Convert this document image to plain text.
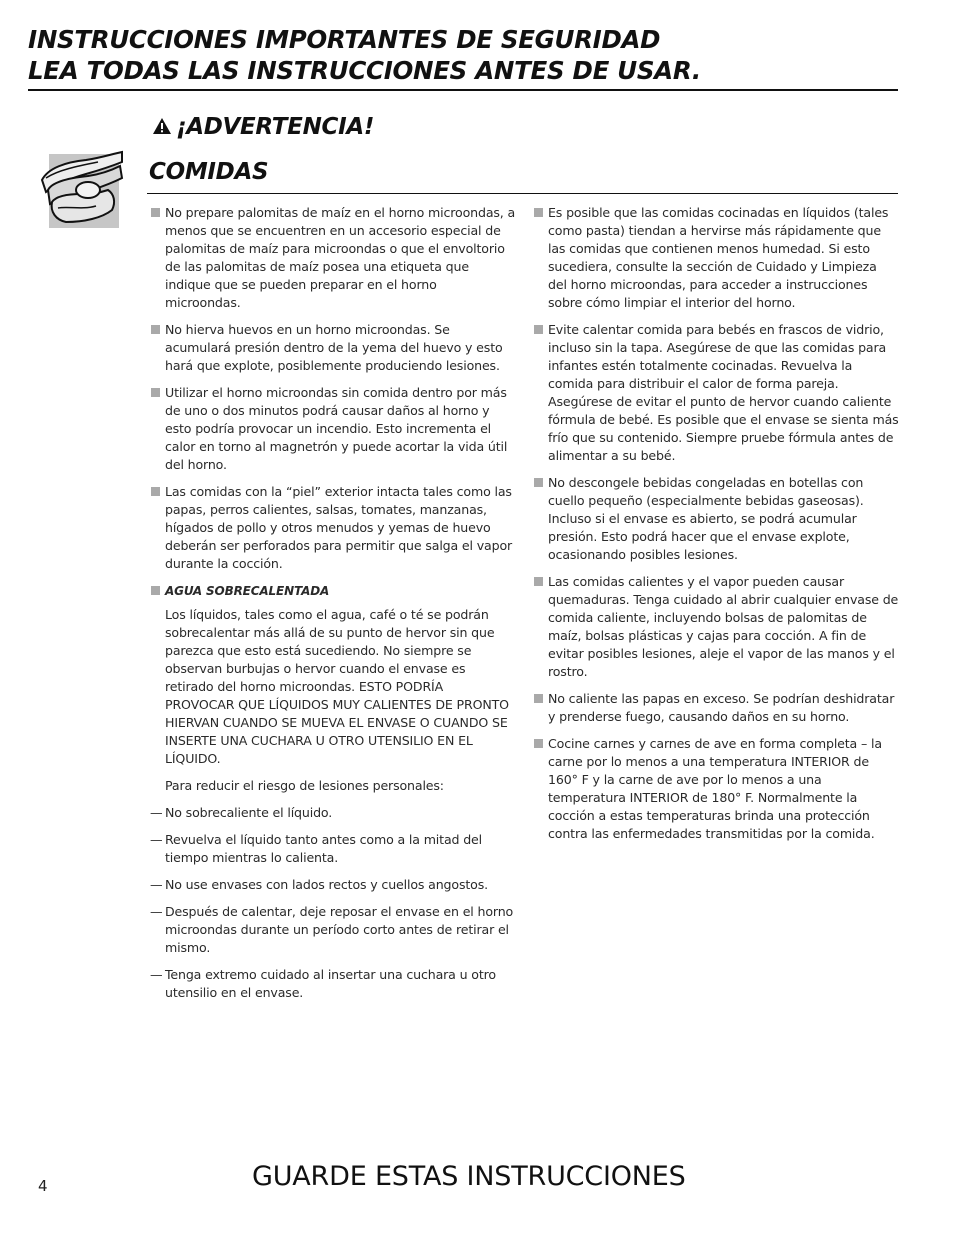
INSTRUCCIONES IMPORTANTES DE SEGURIDAD
LEA TODAS LAS INSTRUCCIONES ANTES DE USAR.
¡ADVERTENCIA!
COMIDAS
No prepare palomitas de maíz en el horno microondas, a menos que se encuentren en un accesorio especial de palomitas de maíz para microondas o que el envoltorio de las palomitas de maíz posea una etiqueta que indique que se pueden preparar en el horno microondas.
No hierva huevos en un horno microondas. Se acumulará presión dentro de la yema del huevo y esto hará que explote, posiblemente produciendo lesiones.
Utilizar el horno microondas sin comida dentro por más de uno o dos minutos podrá causar daños al horno y esto podría provocar un incendio. Esto incrementa el calor en torno al magnetrón y puede acortar la vida útil del horno.
Las comidas con la “piel” exterior intacta tales como las papas, perros calientes, salsas, tomates, manzanas, hígados de pollo y otros menudos y yemas de huevo deberán ser perforados para permitir que salga el vapor durante la cocción.
AGUA SOBRECALENTADA
Los líquidos, tales como el agua, café o té se podrán sobrecalentar más allá de su punto de hervor sin que parezca que esto está sucediendo. No siempre se observan burbujas o hervor cuando el envase es retirado del horno microondas. ESTO PODRÍA PROVOCAR QUE LÍQUIDOS MUY CALIENTES DE PRONTO HIERVAN CUANDO SE MUEVA EL ENVASE O CUANDO SE INSERTE UNA CUCHARA U OTRO UTENSILIO EN EL LÍQUIDO.
Para reducir el riesgo de lesiones personales:
— No sobrecaliente el líquido.
— Revuelva el líquido tanto antes como a la mitad del tiempo mientras lo calienta.
— No use envases con lados rectos y cuellos angostos.
— Después de calentar, deje reposar el envase en el horno microondas durante un período corto antes de retirar el mismo.
— Tenga extremo cuidado al insertar una cuchara u otro utensilio en el envase.
Es posible que las comidas cocinadas en líquidos (tales como pasta) tiendan a hervirse más rápidamente que las comidas que contienen menos humedad. Si esto sucediera, consulte la sección de Cuidado y Limpieza del horno microondas, para acceder a instrucciones sobre cómo limpiar el interior del horno.
Evite calentar comida para bebés en frascos de vidrio, incluso sin la tapa. Asegúrese de que las comidas para infantes estén totalmente cocinadas. Revuelva la comida para distribuir el calor de forma pareja. Asegúrese de evitar el punto de hervor cuando caliente fórmula de bebé. Es posible que el envase se sienta más frío que su contenido. Siempre pruebe fórmula antes de alimentar a su bebé.
No descongele bebidas congeladas en botellas con cuello pequeño (especialmente bebidas gaseosas). Incluso si el envase es abierto, se podrá acumular presión. Esto podrá hacer que el envase explote, ocasionando posibles lesiones.
Las comidas calientes y el vapor pueden causar quemaduras. Tenga cuidado al abrir cualquier envase de comida caliente, incluyendo bolsas de palomitas de maíz, bolsas plásticas y cajas para cocción. A fin de evitar posibles lesiones, aleje el vapor de las manos y el rostro.
No caliente las papas en exceso. Se podrían deshidratar y prenderse fuego, causando daños en su horno.
Cocine carnes y carnes de ave en forma completa – la carne por lo menos a una temperatura INTERIOR de 160° F y la carne de ave por lo menos a una temperatura INTERIOR de 180° F. Normalmente la cocción a estas temperaturas brinda una protección contra las enfermedades transmitidas por la comida.
4	GUARDE ESTAS INSTRUCCIONES
